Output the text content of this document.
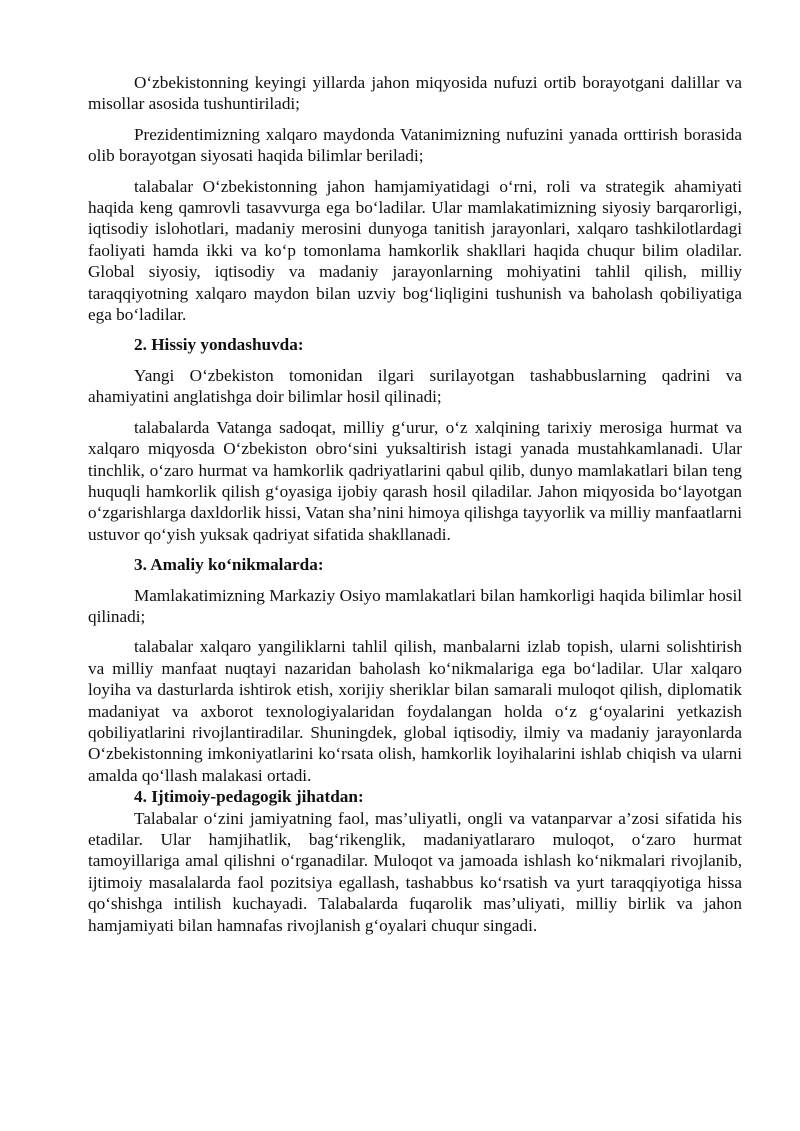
O‘zbekistonning keyingi yillarda jahon miqyosida nufuzi ortib borayotgani dalillar va misollar asosida tushuntiriladi;

Prezidentimizning xalqaro maydonda Vatanimizning nufuzini yanada orttirish borasida olib borayotgan siyosati haqida bilimlar beriladi;

talabalar O‘zbekistonning jahon hamjamiyatidagi o‘rni, roli va strategik ahamiyati haqida keng qamrovli tasavvurga ega bo‘ladilar. Ular mamlakatimizning siyosiy barqarorligi, iqtisodiy islohotlari, madaniy merosini dunyoga tanitish jarayonlari, xalqaro tashkilotlardagi faoliyati hamda ikki va ko‘p tomonlama hamkorlik shakllari haqida chuqur bilim oladilar. Global siyosiy, iqtisodiy va madaniy jarayonlarning mohiyatini tahlil qilish, milliy taraqqiyotning xalqaro maydon bilan uzviy bog‘liqligini tushunish va baholash qobiliyatiga ega bo‘ladilar.

2. Hissiy yondashuvda:

Yangi O‘zbekiston tomonidan ilgari surilayotgan tashabbuslarning qadrini va ahamiyatini anglatishga doir bilimlar hosil qilinadi;

talabalarda Vatanga sadoqat, milliy g‘urur, o‘z xalqining tarixiy merosiga hurmat va xalqaro miqyosda O‘zbekiston obro‘sini yuksaltirish istagi yanada mustahkamlanadi. Ular tinchlik, o‘zaro hurmat va hamkorlik qadriyatlarini qabul qilib, dunyo mamlakatlari bilan teng huquqli hamkorlik qilish g‘oyasiga ijobiy qarash hosil qiladilar. Jahon miqyosida bo‘layotgan o‘zgarishlarga daxldorlik hissi, Vatan sha’nini himoya qilishga tayyorlik va milliy manfaatlarni ustuvor qo‘yish yuksak qadriyat sifatida shakllanadi.

3. Amaliy ko‘nikmalarda:

Mamlakatimizning Markaziy Osiyo mamlakatlari bilan hamkorligi haqida bilimlar hosil qilinadi;

talabalar xalqaro yangiliklarni tahlil qilish, manbalarni izlab topish, ularni solishtirish va milliy manfaat nuqtayi nazaridan baholash ko‘nikmalariga ega bo‘ladilar. Ular xalqaro loyiha va dasturlarda ishtirok etish, xorijiy sheriklar bilan samarali muloqot qilish, diplomatik madaniyat va axborot texnologiyalaridan foydalangan holda o‘z g‘oyalarini yetkazish qobiliyatlarini rivojlantiradilar. Shuningdek, global iqtisodiy, ilmiy va madaniy jarayonlarda O‘zbekistonning imkoniyatlarini ko‘rsata olish, hamkorlik loyihalarini ishlab chiqish va ularni amalda qo‘llash malakasi ortadi.

4. Ijtimoiy-pedagogik jihatdan:

Talabalar o‘zini jamiyatning faol, mas’uliyatli, ongli va vatanparvar a’zosi sifatida his etadilar. Ular hamjihatlik, bag‘rikenglik, madaniyatlararo muloqot, o‘zaro hurmat tamoyillariga amal qilishni o‘rganadilar. Muloqot va jamoada ishlash ko‘nikmalari rivojlanib, ijtimoiy masalalarda faol pozitsiya egallash, tashabbus ko‘rsatish va yurt taraqqiyotiga hissa qo‘shishga intilish kuchayadi. Talabalarda fuqarolik mas’uliyati, milliy birlik va jahon hamjamiyati bilan hamnafas rivojlanish g‘oyalari chuqur singadi.
